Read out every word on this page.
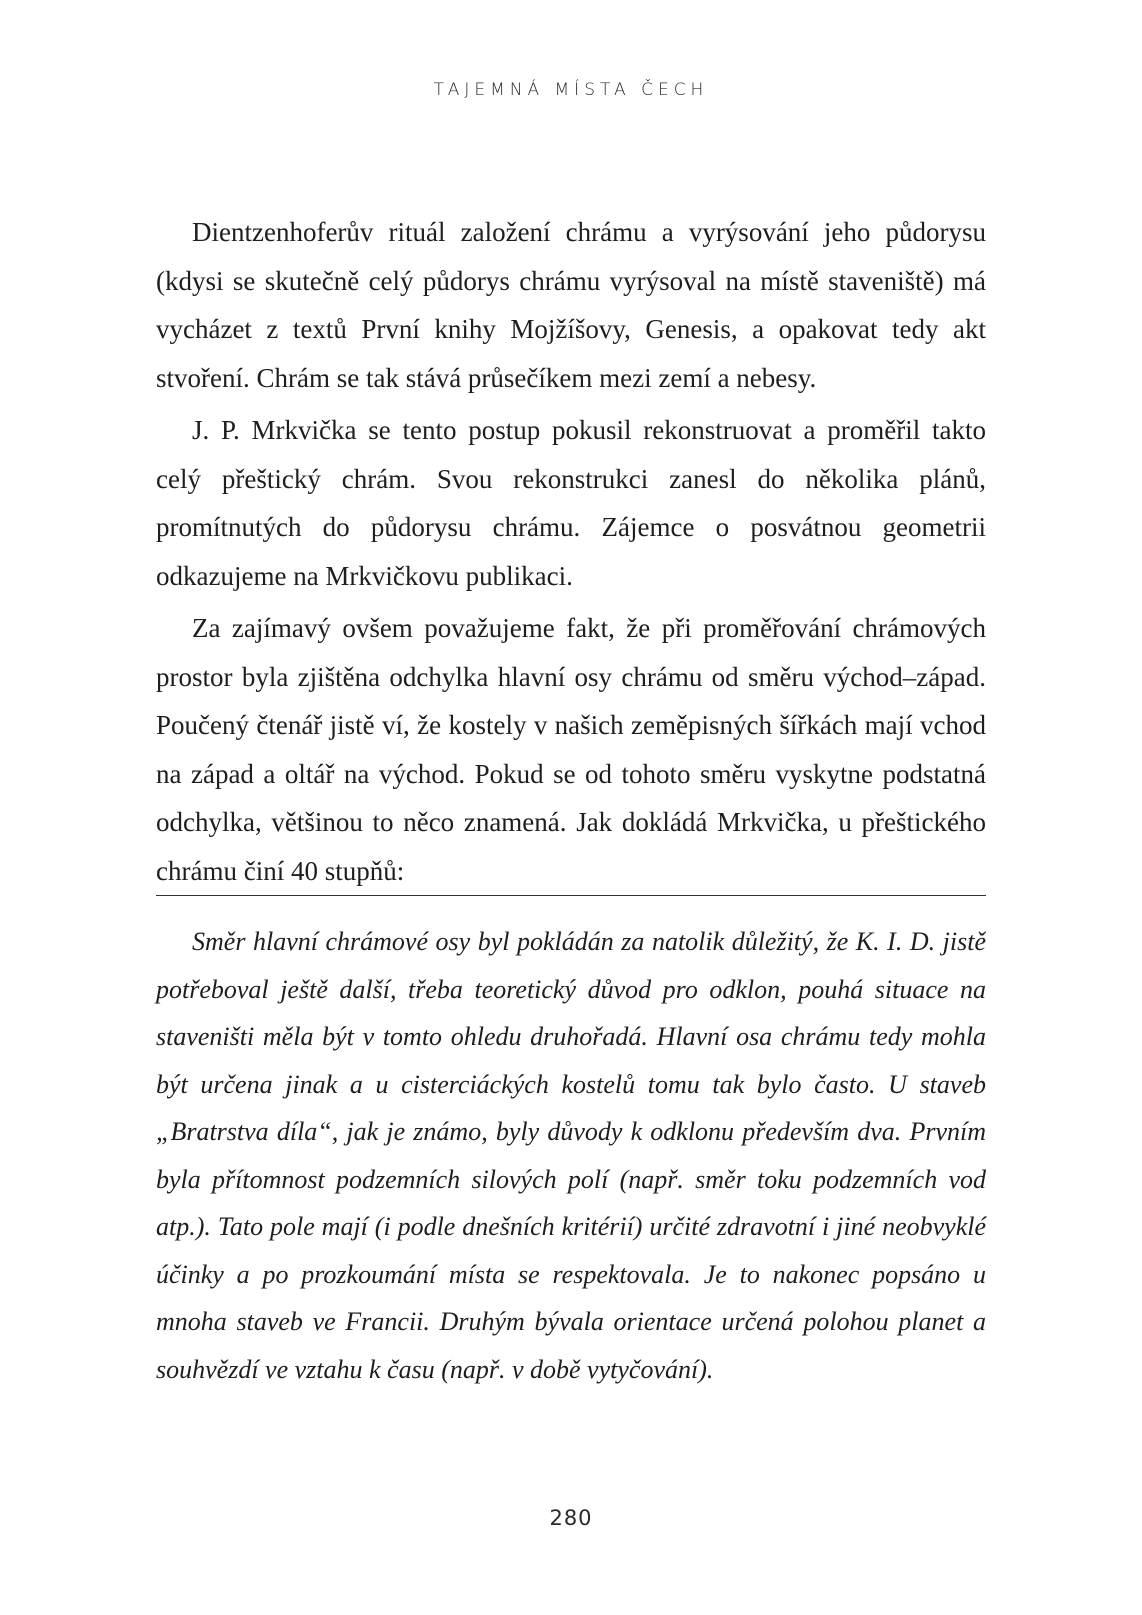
TAJEMNÁ MÍSTA ČECH

Dientzenhoferův rituál založení chrámu a vyrýsování jeho půdorysu (kdysi se skutečně celý půdorys chrámu vyrýsoval na místě staveniště) má vycházet z textů První knihy Mojžíšovy, Genesis, a opakovat tedy akt stvoření. Chrám se tak stává průsečíkem mezi zemí a nebesy.

J. P. Mrkvička se tento postup pokusil rekonstruovat a proměřil takto celý přeštický chrám. Svou rekonstrukci zanesl do několika plánů, promítnutých do půdorysu chrámu. Zájemce o posvátnou geometrii odkazujeme na Mrkvičkovu publikaci.

Za zajímavý ovšem považujeme fakt, že při proměřování chrámových prostor byla zjištěna odchylka hlavní osy chrámu od směru východ–západ. Poučený čtenář jistě ví, že kostely v našich zeměpisných šířkách mají vchod na západ a oltář na východ. Pokud se od tohoto směru vyskytne podstatná odchylka, většinou to něco znamená. Jak dokládá Mrkvička, u přeštického chrámu činí 40 stupňů:

Směr hlavní chrámové osy byl pokládán za natolik důležitý, že K. I. D. jistě potřeboval ještě další, třeba teoretický důvod pro odklon, pouhá situace na staveništi měla být v tomto ohledu druhořadá. Hlavní osa chrámu tedy mohla být určena jinak a u cisterciáckých kostelů tomu tak bylo často. U staveb „Bratrstva díla“, jak je známo, byly důvody k odklonu především dva. Prvním byla přítomnost podzemních silových polí (např. směr toku podzemních vod atp.). Tato pole mají (i podle dnešních kritérií) určité zdravotní i jiné neobvyklé účinky a po prozkoumání místa se respektovala. Je to nakonec popsáno u mnoha staveb ve Francii. Druhým bývala orientace určená polohou planet a souhvězdí ve vztahu k času (např. v době vytyčování).

280
